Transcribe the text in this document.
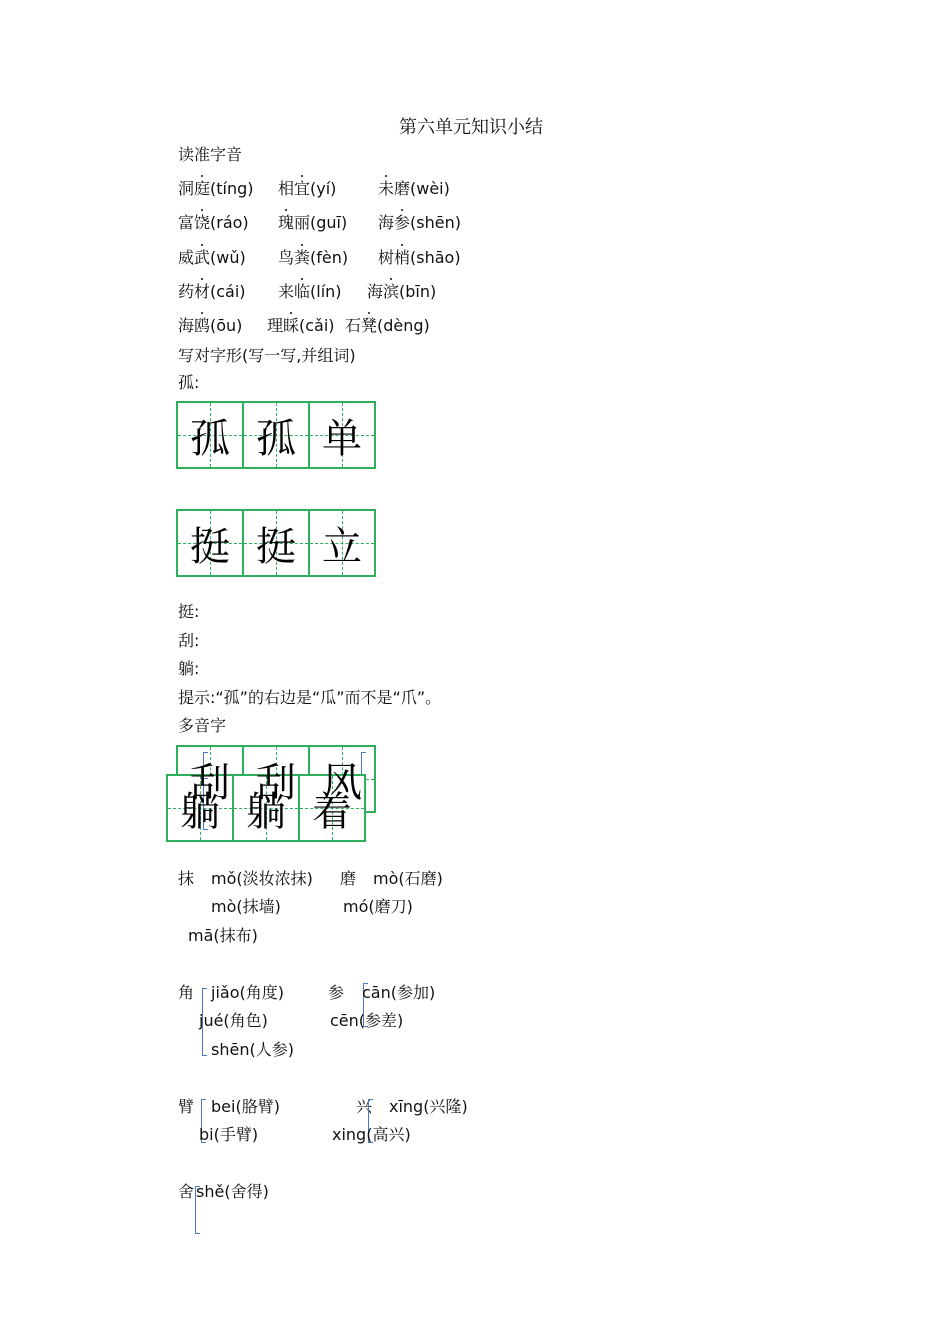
第六单元知识小结
读准字音
洞庭(tíng) 相宜(yí)	未磨(wèi)
富饶(ráo) 瑰丽(guī) 海参(shēn)
威武(wǔ) 鸟粪(fèn) 树梢(shāo)
药材(cái) 来临(lín) 海滨(bīn)
海鸥(ōu) 理睬(cǎi) 石凳(dèng)
写对字形(写一写,并组词)
孤:
孤 孤 单
挺 挺 立
挺:
刮:
躺:
提示:“孤”的右边是“瓜”而不是“爪”。
多音字
刮 刮 风
躺 躺 着
抹 mǒ(淡妆浓抹) 磨 mò(石磨)
mò(抹墙)	mó(磨刀)
mā(抹布)
角 jiǎo(角度)	参 cān(参加)
jué(角色)	cēn(参差)
shēn(人参)
臂 bei(胳臂)	兴 xīng(兴隆)
bi(手臂)	xing(高兴)
舍 shě(舍得)
